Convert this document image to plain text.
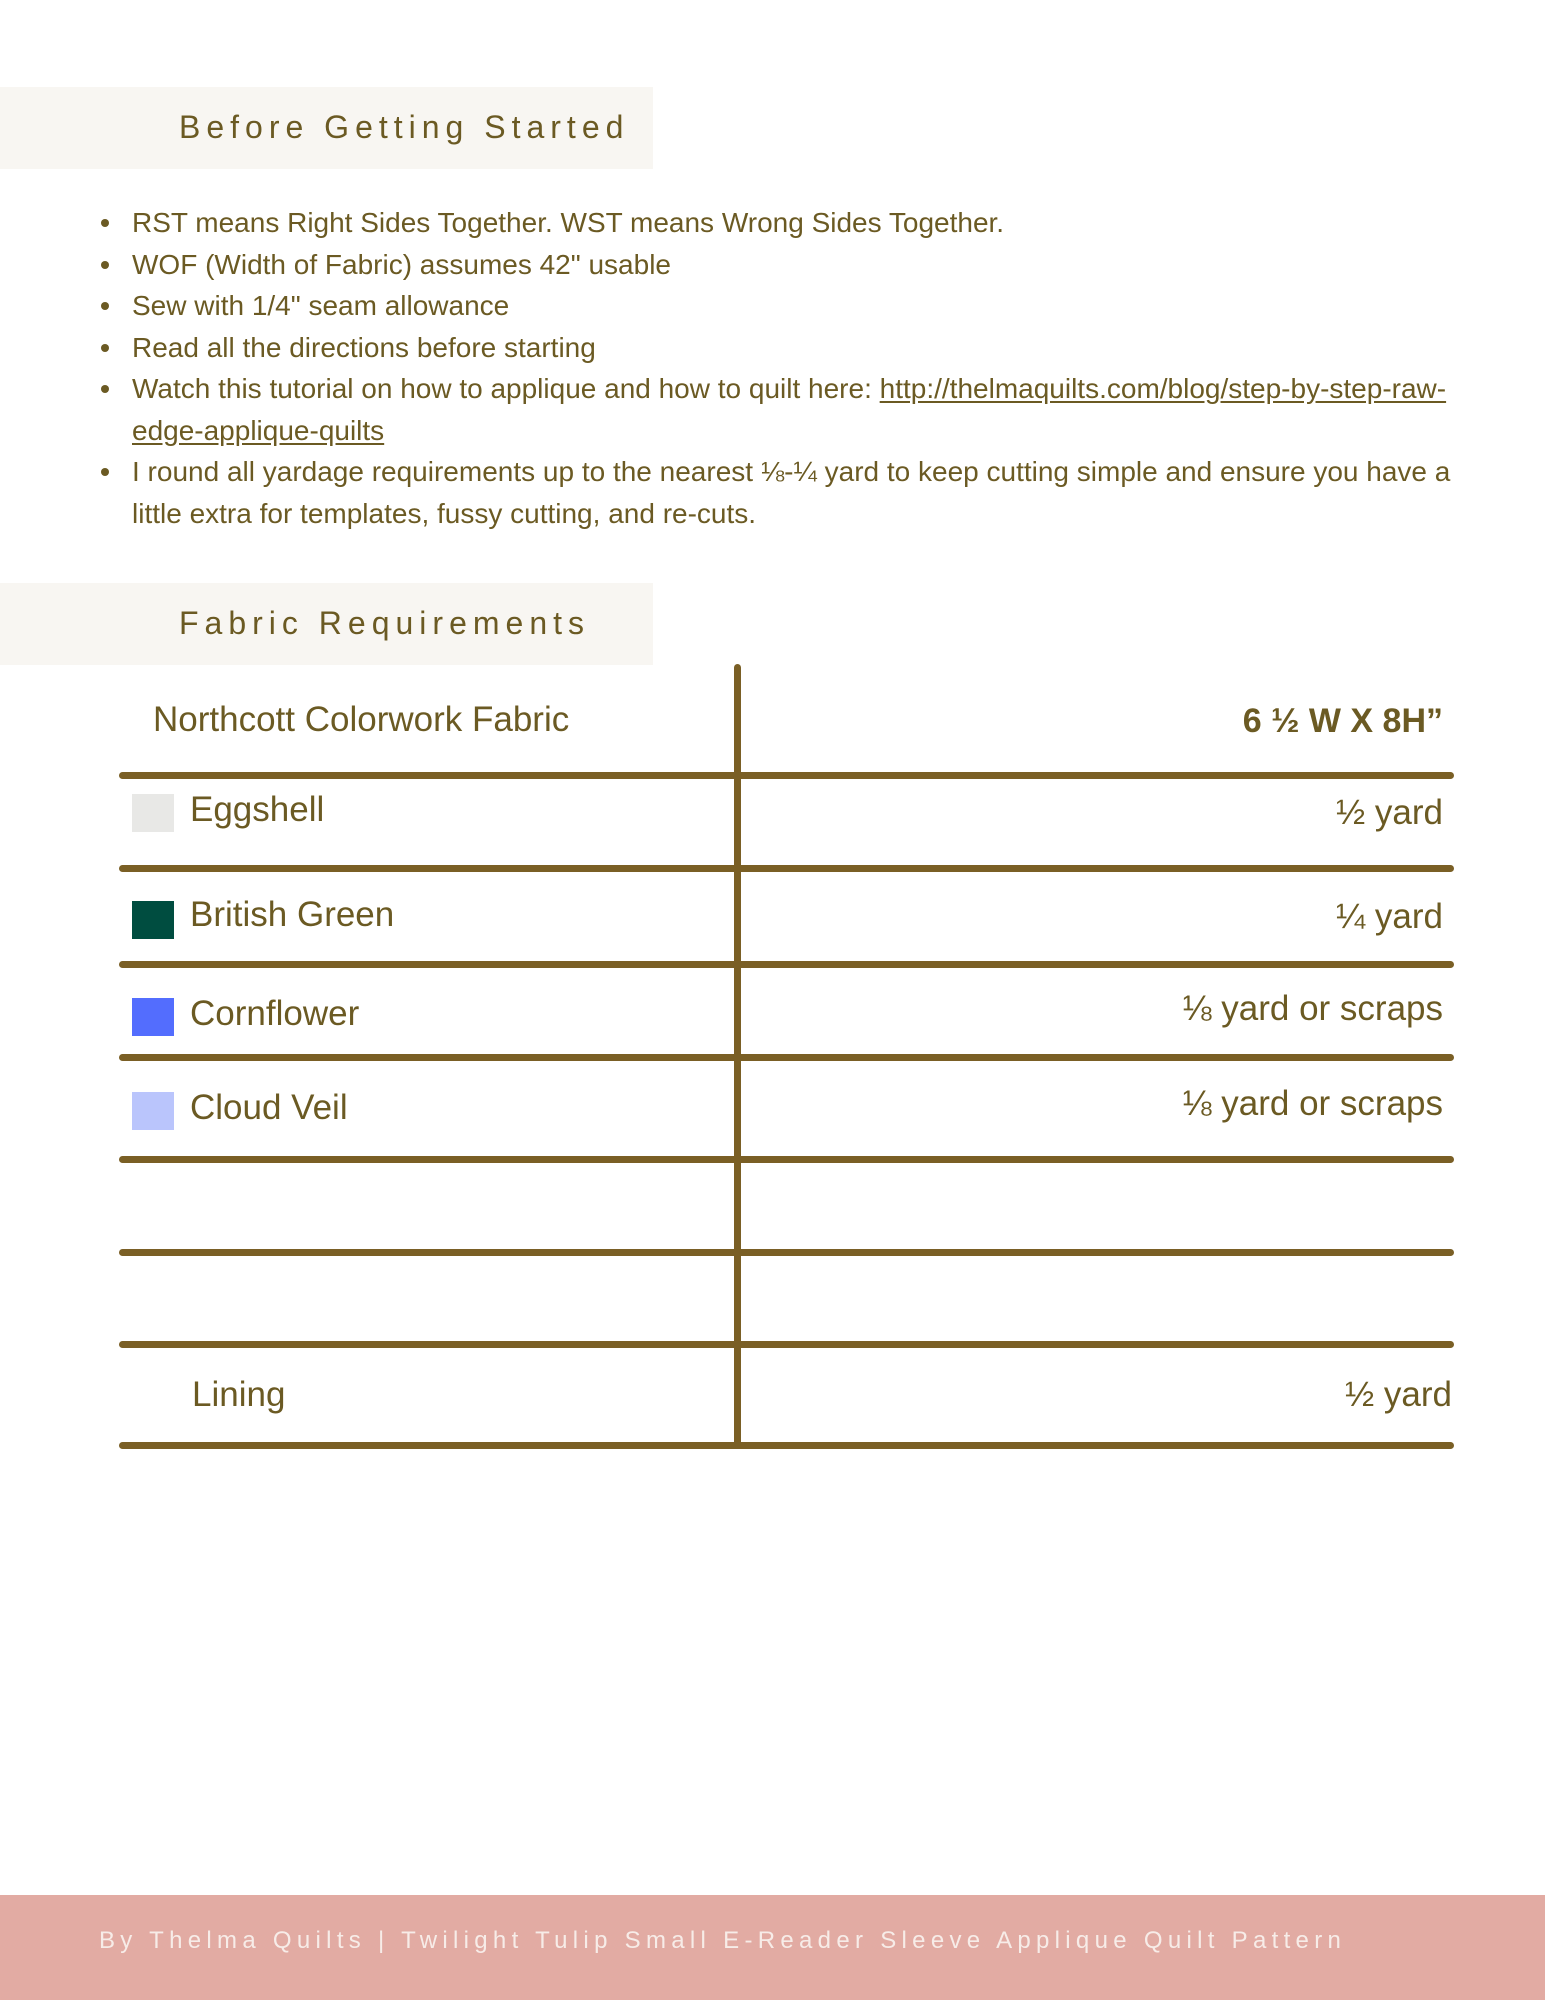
Before Getting Started
RST means Right Sides Together. WST means Wrong Sides Together.
WOF (Width of Fabric) assumes 42" usable
Sew with 1/4" seam allowance
Read all the directions before starting
Watch this tutorial on how to applique and how to quilt here: http://thelmaquilts.com/blog/step-by-step-raw-edge-applique-quilts
I round all yardage requirements up to the nearest ⅛-¼ yard to keep cutting simple and ensure you have a little extra for templates, fussy cutting, and re-cuts.
Fabric Requirements
Northcott Colorwork Fabric	6 ½ W X 8H”
Eggshell	½ yard
British Green	¼ yard
Cornflower	⅛ yard or scraps
Cloud Veil	⅛ yard or scraps
Lining	½ yard
By Thelma Quilts | Twilight Tulip Small E-Reader Sleeve Applique Quilt Pattern
